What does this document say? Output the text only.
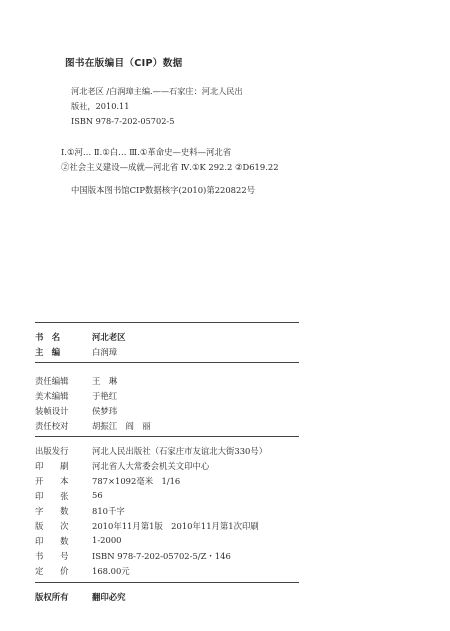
图书在版编目（CIP）数据
河北老区 /白润璋主编.——石家庄：河北人民出
版社，2010.11
ISBN 978-7-202-05702-5
Ⅰ.①河… Ⅱ.①白… Ⅲ.①革命史—史料—河北省
②社会主义建设—成就—河北省 Ⅳ.①K 292.2 ②D619.22
中国版本图书馆CIP数据核字(2010)第220822号
书　名	河北老区
主　编	白润璋
责任编辑	王　琳
美术编辑	于艳红
装帧设计	侯梦玮
责任校对	胡振江　阎　丽
出版发行	河北人民出版社（石家庄市友谊北大街330号）
印　　刷	河北省人大常委会机关文印中心
开　　本	787×1092毫米　1/16
印　　张	56
字　　数	810千字
版　　次	2010年11月第1版　2010年11月第1次印刷
印　　数	1-2000
书　　号	ISBN 978-7-202-05702-5/Z・146
定　　价	168.00元
版权所有	翻印必究
